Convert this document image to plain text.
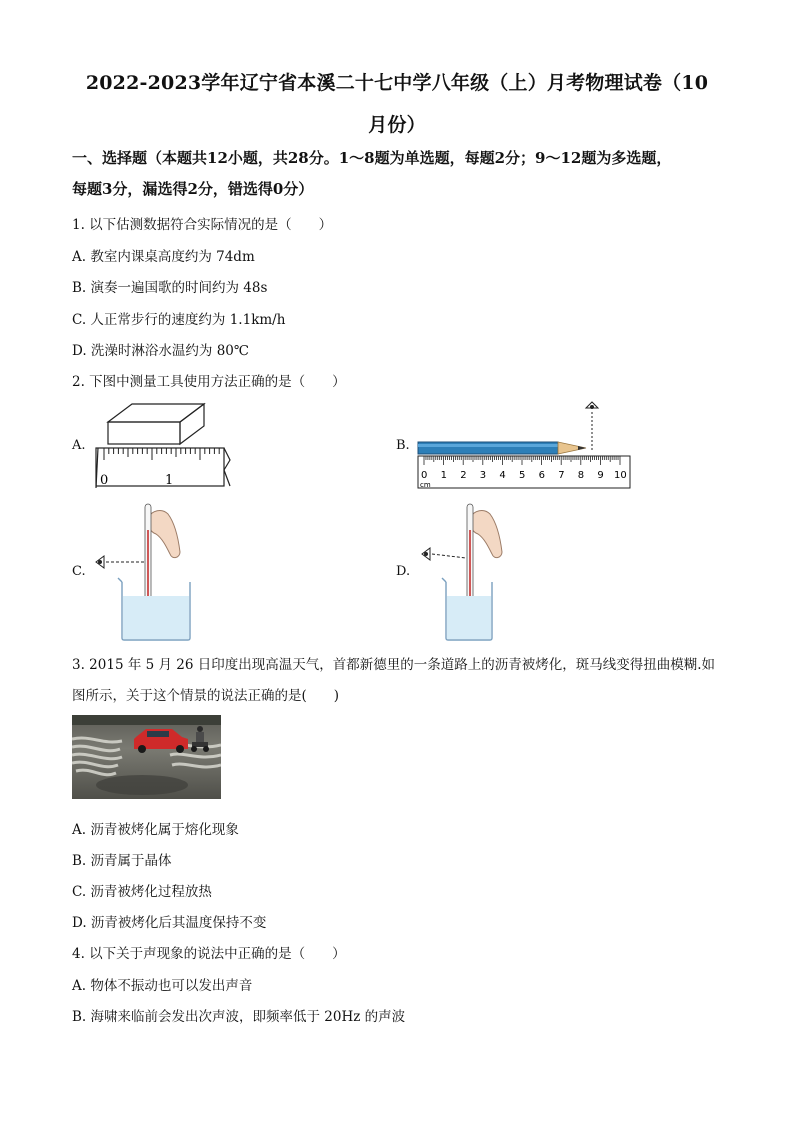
2022-2023学年辽宁省本溪二十七中学八年级（上）月考物理试卷（10
月份）
一、选择题（本题共12小题，共28分。1～8题为单选题，每题2分；9～12题为多选题，
每题3分，漏选得2分，错选得0分）
1. 以下估测数据符合实际情况的是（　　）
A. 教室内课桌高度约为 74dm
B. 演奏一遍国歌的时间约为 48s
C. 人正常步行的速度约为 1.1km/h
D. 洗澡时淋浴水温约为 80℃
2. 下图中测量工具使用方法正确的是（　　）
A.	B.
C.	D.
0	1	0 1 2 3 4 5 6 7 8 9 10
cm
3. 2015 年 5 月 26 日印度出现高温天气，首都新德里的一条道路上的沥青被烤化，斑马线变得扭曲模糊.如
图所示，关于这个情景的说法正确的是(　　)
A. 沥青被烤化属于熔化现象
B. 沥青属于晶体
C. 沥青被烤化过程放热
D. 沥青被烤化后其温度保持不变
4. 以下关于声现象的说法中正确的是（　　）
A. 物体不振动也可以发出声音
B. 海啸来临前会发出次声波，即频率低于 20Hz 的声波
